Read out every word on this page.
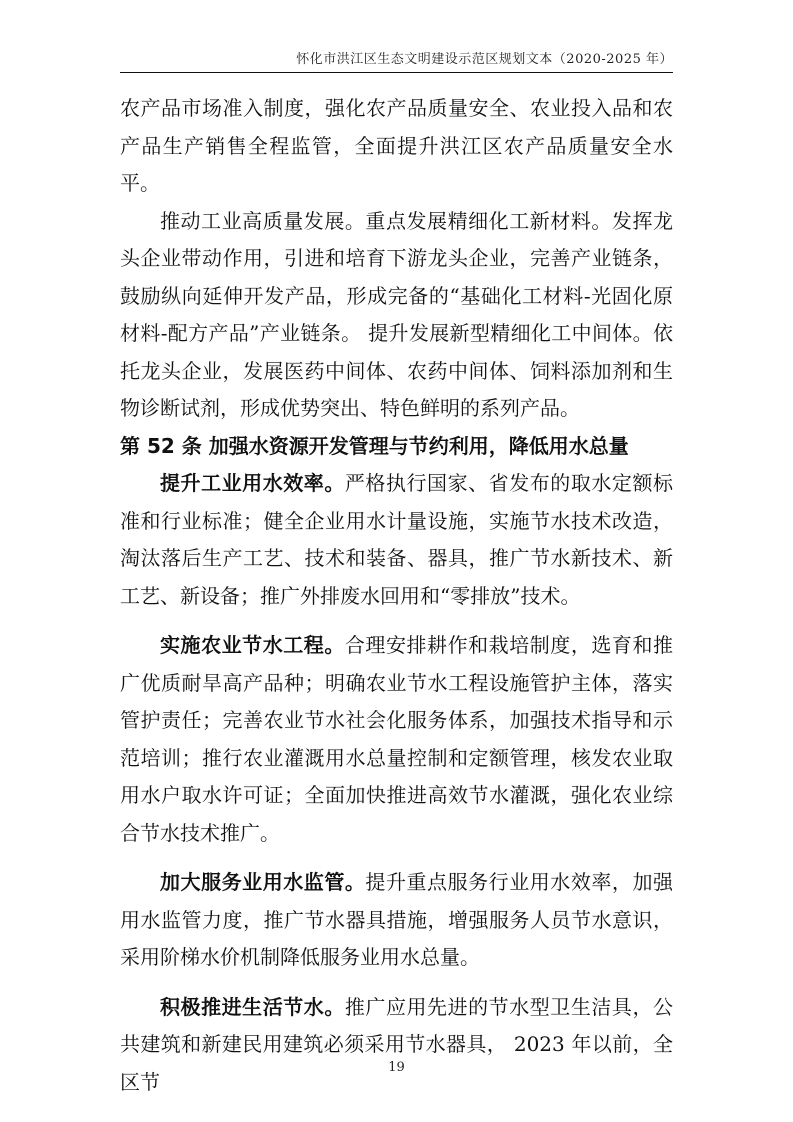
怀化市洪江区生态文明建设示范区规划文本（2020-2025 年）

农产品市场准入制度，强化农产品质量安全、农业投入品和农产品生产销售全程监管，全面提升洪江区农产品质量安全水平。

推动工业高质量发展。重点发展精细化工新材料。发挥龙头企业带动作用，引进和培育下游龙头企业，完善产业链条，鼓励纵向延伸开发产品，形成完备的“基础化工材料-光固化原材料-配方产品”产业链条。 提升发展新型精细化工中间体。依托龙头企业，发展医药中间体、农药中间体、饲料添加剂和生物诊断试剂，形成优势突出、特色鲜明的系列产品。

第 52 条 加强水资源开发管理与节约利用，降低用水总量

提升工业用水效率。严格执行国家、省发布的取水定额标准和行业标准；健全企业用水计量设施，实施节水技术改造，淘汰落后生产工艺、技术和装备、器具，推广节水新技术、新工艺、新设备；推广外排废水回用和“零排放”技术。

实施农业节水工程。合理安排耕作和栽培制度，选育和推广优质耐旱高产品种；明确农业节水工程设施管护主体，落实管护责任；完善农业节水社会化服务体系，加强技术指导和示范培训；推行农业灌溉用水总量控制和定额管理，核发农业取用水户取水许可证；全面加快推进高效节水灌溉，强化农业综合节水技术推广。

加大服务业用水监管。提升重点服务行业用水效率，加强用水监管力度，推广节水器具措施，增强服务人员节水意识，采用阶梯水价机制降低服务业用水总量。

积极推进生活节水。推广应用先进的节水型卫生洁具，公共建筑和新建民用建筑必须采用节水器具， 2023 年以前，全区节

19
